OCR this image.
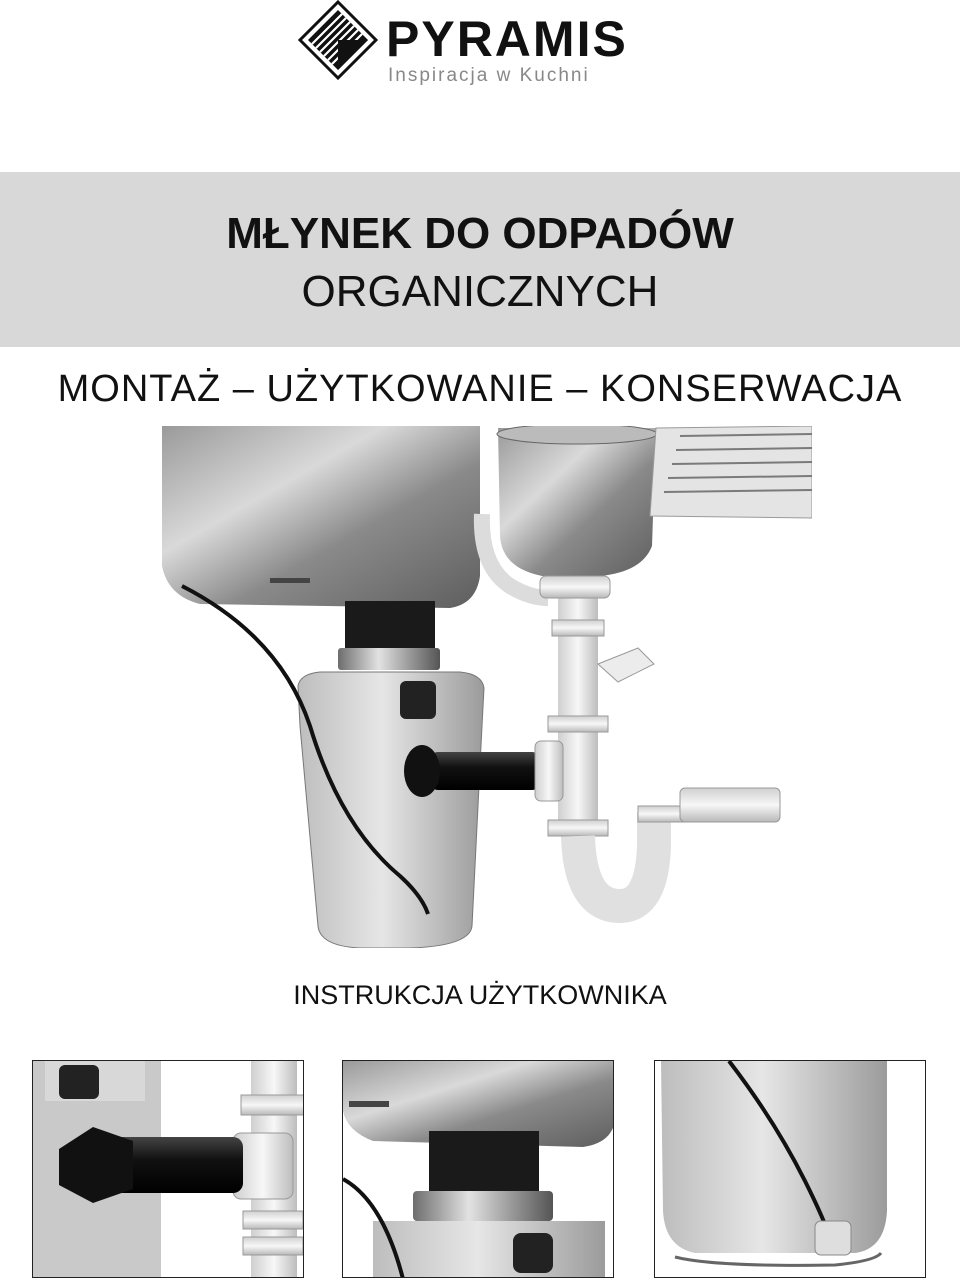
PYRAMIS
Inspiracja w Kuchni
MŁYNEK DO ODPADÓW
ORGANICZNYCH
MONTAŻ – UŻYTKOWANIE – KONSERWACJA
INSTRUKCJA UŻYTKOWNIKA
